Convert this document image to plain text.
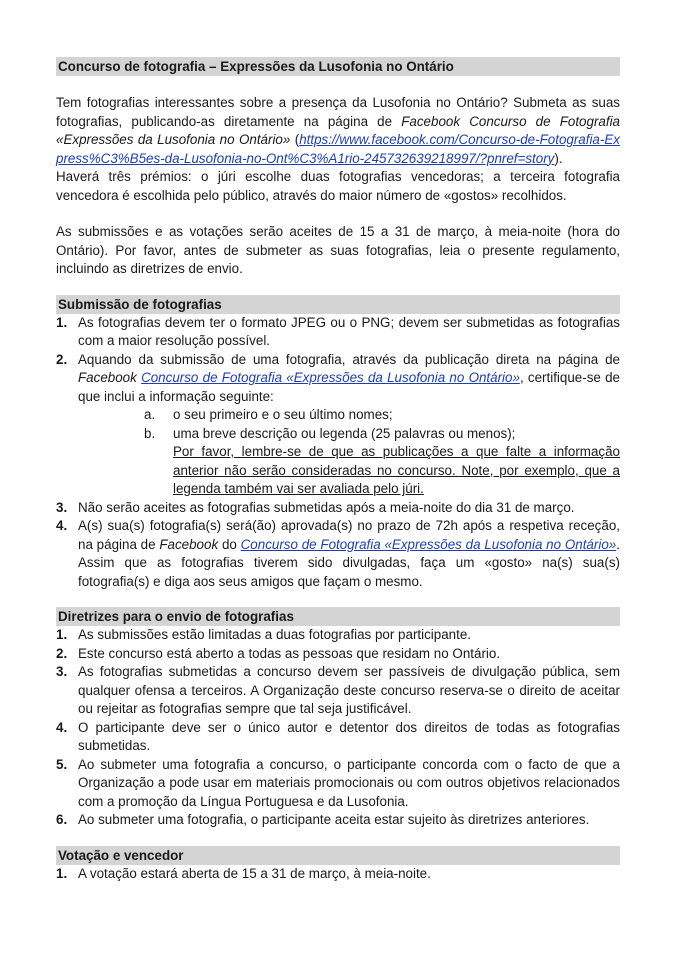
Concurso de fotografia – Expressões da Lusofonia no Ontário

Tem fotografias interessantes sobre a presença da Lusofonia no Ontário? Submeta as suas fotografias, publicando-as diretamente na página de Facebook Concurso de Fotografia «Expressões da Lusofonia no Ontário» (https://www.facebook.com/Concurso-de-Fotografia-Express%C3%B5es-da-Lusofonia-no-Ont%C3%A1rio-245732639218997/?pnref=story).

Haverá três prémios: o júri escolhe duas fotografias vencedoras; a terceira fotografia vencedora é escolhida pelo público, através do maior número de «gostos» recolhidos.

As submissões e as votações serão aceites de 15 a 31 de março, à meia-noite (hora do Ontário). Por favor, antes de submeter as suas fotografias, leia o presente regulamento, incluindo as diretrizes de envio.

Submissão de fotografias
1. As fotografias devem ter o formato JPEG ou o PNG; devem ser submetidas as fotografias com a maior resolução possível.
2. Aquando da submissão de uma fotografia, através da publicação direta na página de Facebook Concurso de Fotografia «Expressões da Lusofonia no Ontário», certifique-se de que inclui a informação seguinte:
a. o seu primeiro e o seu último nomes;
b. uma breve descrição ou legenda (25 palavras ou menos);
Por favor, lembre-se de que as publicações a que falte a informação anterior não serão consideradas no concurso. Note, por exemplo, que a legenda também vai ser avaliada pelo júri.
3. Não serão aceites as fotografias submetidas após a meia-noite do dia 31 de março.
4. A(s) sua(s) fotografia(s) será(ão) aprovada(s) no prazo de 72h após a respetiva receção, na página de Facebook do Concurso de Fotografia «Expressões da Lusofonia no Ontário». Assim que as fotografias tiverem sido divulgadas, faça um «gosto» na(s) sua(s) fotografia(s) e diga aos seus amigos que façam o mesmo.
Diretrizes para o envio de fotografias
1. As submissões estão limitadas a duas fotografias por participante.
2. Este concurso está aberto a todas as pessoas que residam no Ontário.
3. As fotografias submetidas a concurso devem ser passíveis de divulgação pública, sem qualquer ofensa a terceiros. A Organização deste concurso reserva-se o direito de aceitar ou rejeitar as fotografias sempre que tal seja justificável.
4. O participante deve ser o único autor e detentor dos direitos de todas as fotografias submetidas.
5. Ao submeter uma fotografia a concurso, o participante concorda com o facto de que a Organização a pode usar em materiais promocionais ou com outros objetivos relacionados com a promoção da Língua Portuguesa e da Lusofonia.
6. Ao submeter uma fotografia, o participante aceita estar sujeito às diretrizes anteriores.
Votação e vencedor
1. A votação estará aberta de 15 a 31 de março, à meia-noite.
